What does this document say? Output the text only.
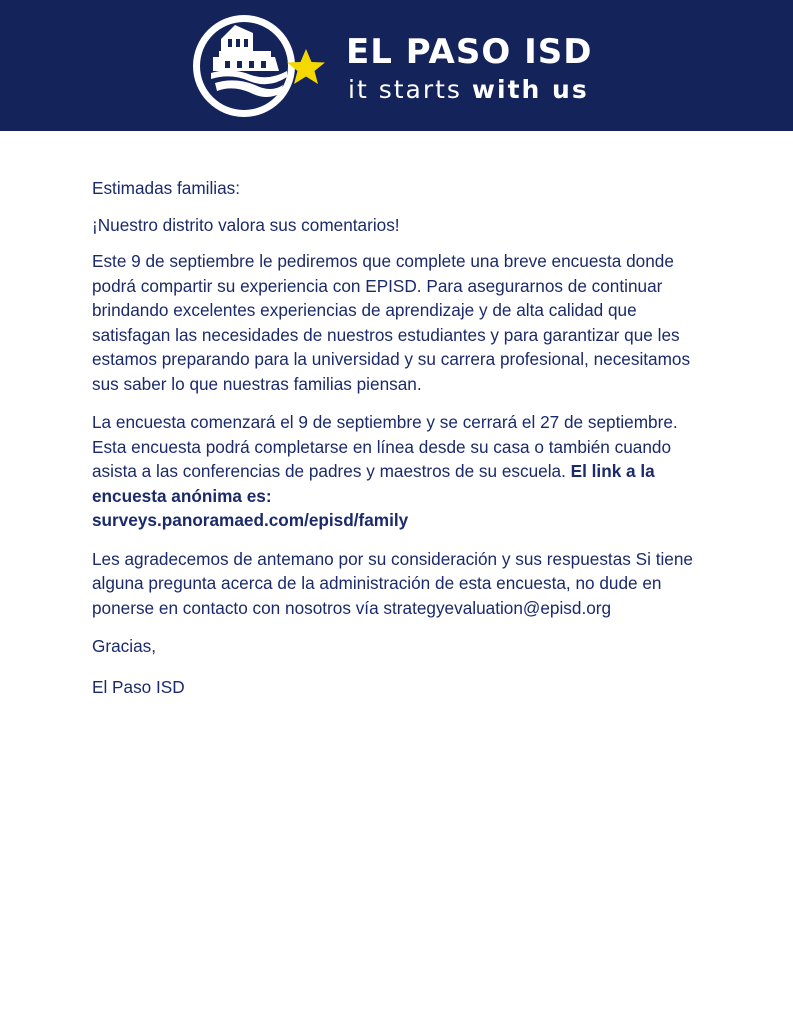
EL PASO ISD
it starts with us

Estimadas familias:

¡Nuestro distrito valora sus comentarios!

Este 9 de septiembre le pediremos que complete una breve encuesta donde podrá compartir su experiencia con EPISD. Para asegurarnos de continuar brindando excelentes experiencias de aprendizaje y de alta calidad que satisfagan las necesidades de nuestros estudiantes y para garantizar que les estamos preparando para la universidad y su carrera profesional, necesitamos sus saber lo que nuestras familias piensan.

La encuesta comenzará el 9 de septiembre y se cerrará el 27 de septiembre. Esta encuesta podrá completarse en línea desde su casa o también cuando asista a las conferencias de padres y maestros de su escuela. El link a la encuesta anónima es:
surveys.panoramaed.com/episd/family

Les agradecemos de antemano por su consideración y sus respuestas Si tiene alguna pregunta acerca de la administración de esta encuesta, no dude en ponerse en contacto con nosotros vía strategyevaluation@episd.org

Gracias,

El Paso ISD
